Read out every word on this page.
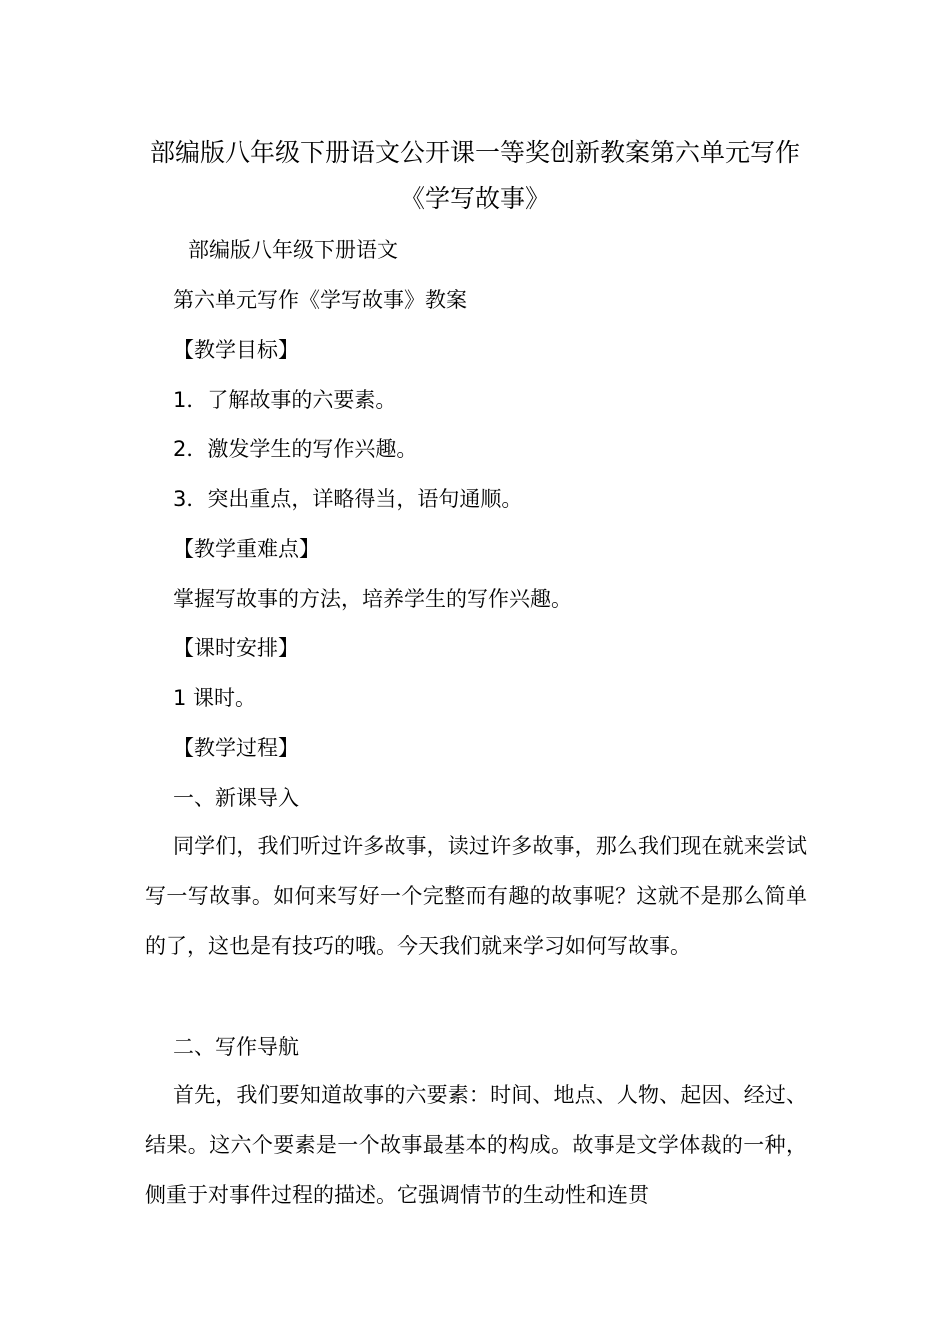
部编版八年级下册语文公开课一等奖创新教案第六单元写作《学写故事》

部编版八年级下册语文

第六单元写作《学写故事》教案

【教学目标】

1．了解故事的六要素。

2．激发学生的写作兴趣。

3．突出重点，详略得当，语句通顺。

【教学重难点】

掌握写故事的方法，培养学生的写作兴趣。

【课时安排】

1 课时。

【教学过程】

一、新课导入

同学们，我们听过许多故事，读过许多故事，那么我们现在就来尝试写一写故事。如何来写好一个完整而有趣的故事呢？这就不是那么简单的了，这也是有技巧的哦。今天我们就来学习如何写故事。

二、写作导航

首先，我们要知道故事的六要素：时间、地点、人物、起因、经过、结果。这六个要素是一个故事最基本的构成。故事是文学体裁的一种，侧重于对事件过程的描述。它强调情节的生动性和连贯
